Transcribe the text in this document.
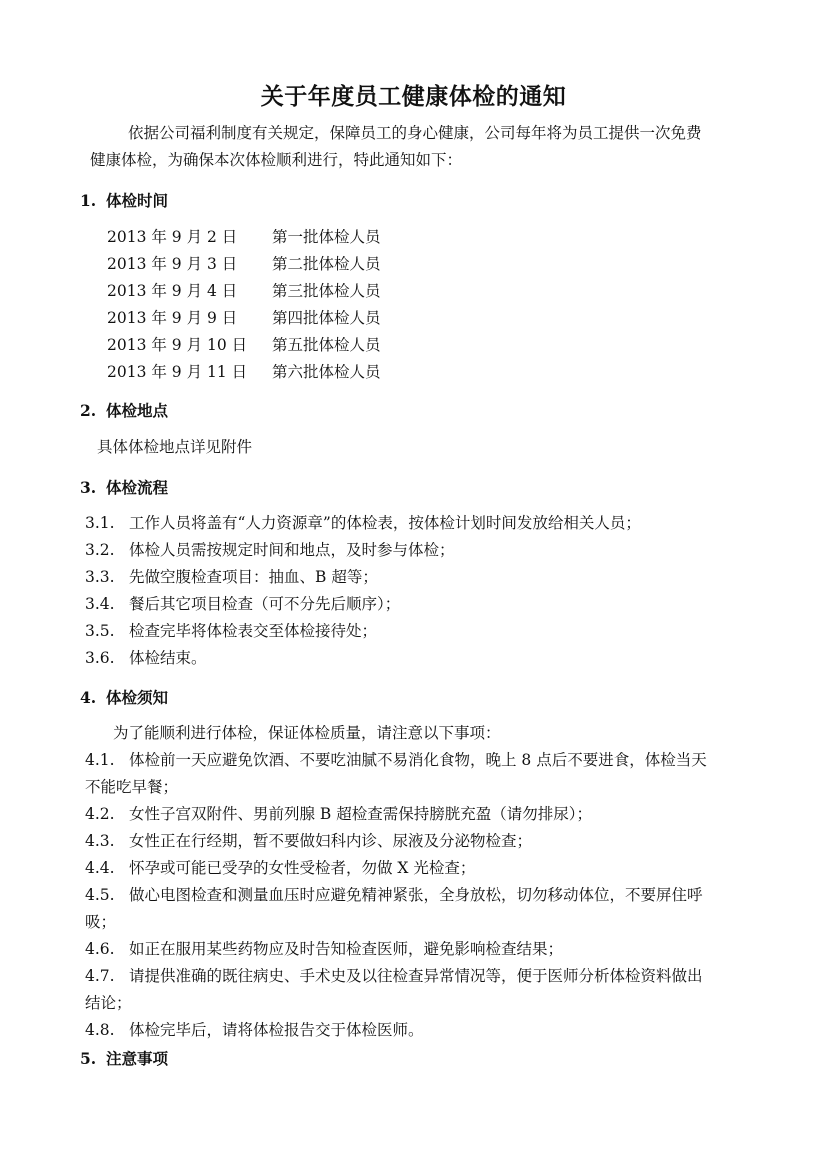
关于年度员工健康体检的通知
依据公司福利制度有关规定，保障员工的身心健康，公司每年将为员工提供一次免费
健康体检，为确保本次体检顺利进行，特此通知如下：
1. 体检时间
2013 年 9 月 2 日 第一批体检人员
2013 年 9 月 3 日 第二批体检人员
2013 年 9 月 4 日 第三批体检人员
2013 年 9 月 9 日 第四批体检人员
2013 年 9 月 10 日 第五批体检人员
2013 年 9 月 11 日 第六批体检人员
2. 体检地点
具体体检地点详见附件
3. 体检流程
3.1. 工作人员将盖有“人力资源章”的体检表，按体检计划时间发放给相关人员；
3.2. 体检人员需按规定时间和地点，及时参与体检；
3.3. 先做空腹检查项目：抽血、B 超等；
3.4. 餐后其它项目检查（可不分先后顺序）；
3.5. 检查完毕将体检表交至体检接待处；
3.6. 体检结束。
4. 体检须知
为了能顺利进行体检，保证体检质量，请注意以下事项：
4.1. 体检前一天应避免饮酒、不要吃油腻不易消化食物，晚上 8 点后不要进食，体检当天
不能吃早餐；
4.2. 女性子宫双附件、男前列腺 B 超检查需保持膀胱充盈（请勿排尿）；
4.3. 女性正在行经期，暂不要做妇科内诊、尿液及分泌物检查；
4.4. 怀孕或可能已受孕的女性受检者，勿做 X 光检查；
4.5. 做心电图检查和测量血压时应避免精神紧张，全身放松，切勿移动体位，不要屏住呼
吸；
4.6. 如正在服用某些药物应及时告知检查医师，避免影响检查结果；
4.7. 请提供准确的既往病史、手术史及以往检查异常情况等，便于医师分析体检资料做出
结论；
4.8. 体检完毕后，请将体检报告交于体检医师。
5. 注意事项
